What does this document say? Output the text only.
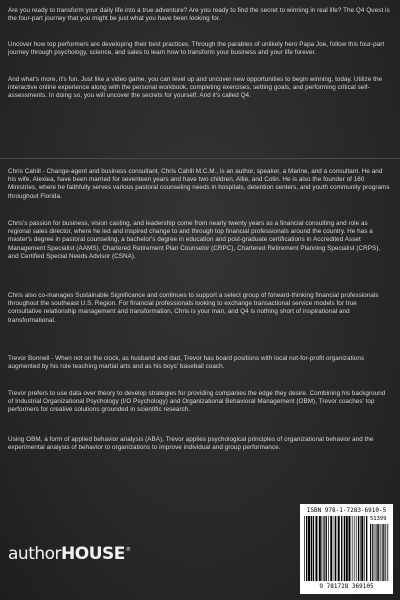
Are you ready to transform your daily life into a true adventure? Are you ready to find the secret to winning in real life? The Q4 Quest is the four-part journey that you might be just what you have been looking for.

Uncover how top performers are developing their best practices. Through the parables of unlikely hero Papa Joe, follow this four-part journey through psychology, science, and sales to learn how to transform your business and your life forever.

And what's more, it's fun. Just like a video game, you can level up and uncover new opportunities to begin winning, today. Utilize the interactive online experience along with the personal workbook, completing exercises, setting goals, and performing critical self-assessments. In doing so, you will uncover the secrets for yourself. And it's called Q4.

Chris Cahill - Change-agent and business consultant, Chris Cahill M.C.M., is an author, speaker, a Marine, and a consultant. He and his wife, Alexiea, have been married for seventeen years and have two children, Allie, and Colin. He is also the founder of 160 Ministries, where he faithfully serves various pastoral counseling needs in hospitals, detention centers, and youth community programs throughout Florida.

Chris's passion for business, vision casting, and leadership come from nearly twenty years as a financial consulting and role as regional sales director, where he led and inspired change to and through top financial professionals around the country. He has a master's degree in pastoral counseling, a bachelor's degree in education and post-graduate certifications in Accredited Asset Management Specialist (AAMS), Chartered Retirement Plan Counselor (CRPC), Chartered Retirement Planning Specialist (CRPS), and Certified Special Needs Advisor (CSNA).

Chris also co-manages Sustainable Significance and continues to support a select group of forward-thinking financial professionals throughout the southeast U.S. Region. For financial professionals looking to exchange transactional service models for true consultative relationship management and transformation, Chris is your man, and Q4 is nothing short of inspirational and transformational.

Trevor Bonnell - When not on the clock, as husband and dad, Trevor has board positions with local not-for-profit organizations augmented by his role teaching martial arts and as his boys' baseball coach.

Trevor prefers to use data over theory to develop strategies for providing companies the edge they desire. Combining his background of Industrial Organizational Psychology (I/O Psychology) and Organizational Behavioral Management (OBM), Trevor coaches' top performers for creative solutions grounded in scientific research.

Using OBM, a form of applied behavior analysis (ABA), Trevor applies psychological principles of organizational behavior and the experimental analysis of behavior to organizations to improve individual and group performance.

author HOUSE ®
ISBN 978-1-7283-6910-5
51399
9 781728 369105
